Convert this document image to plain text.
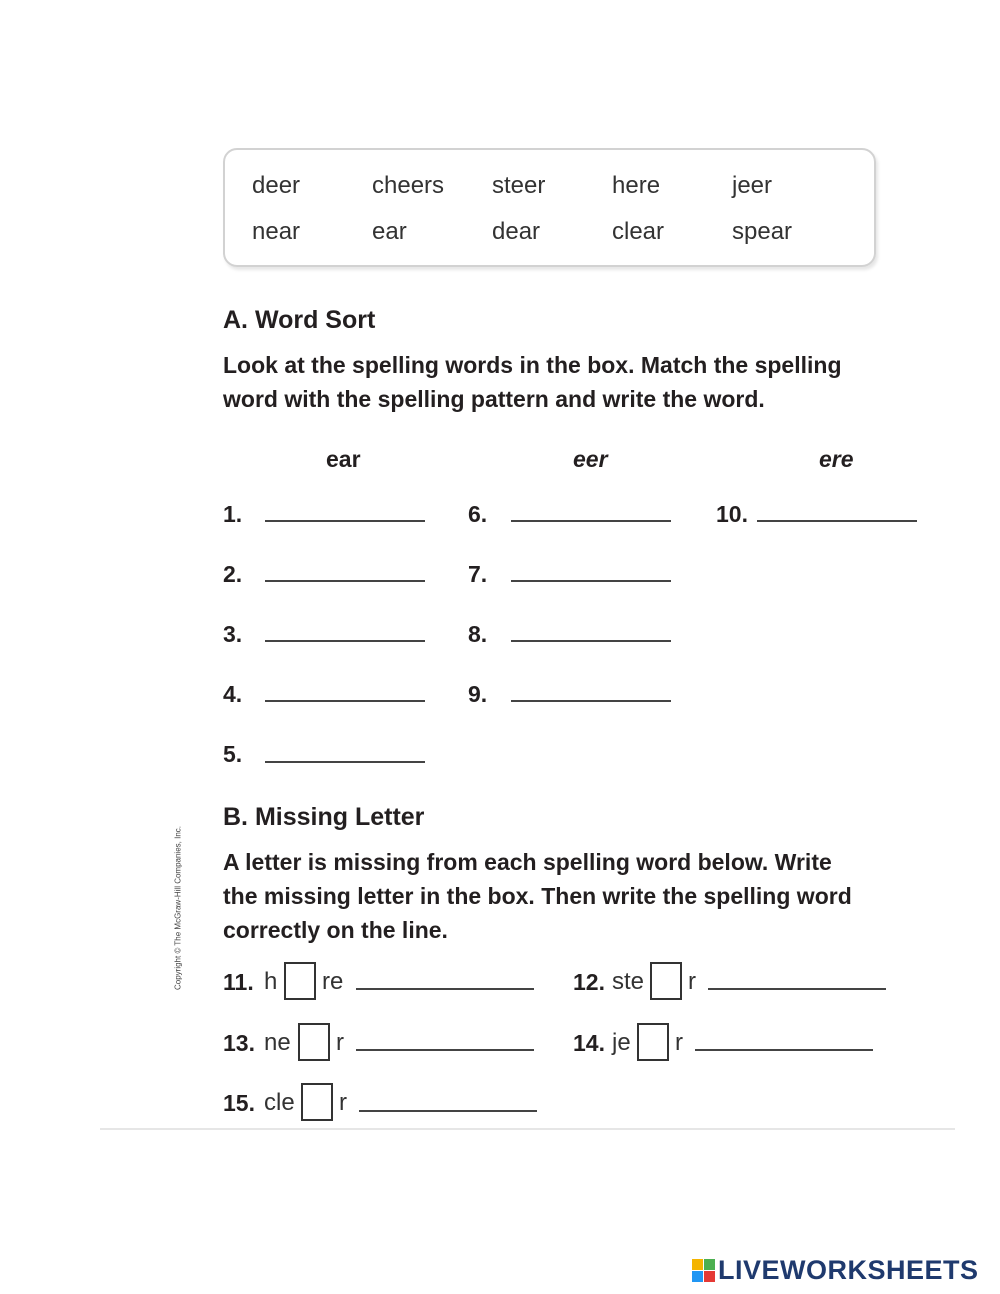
deer	cheers steer	here	jeer
near	ear	dear	clear	spear
A. Word Sort
Look at the spelling words in the box. Match the spelling
word with the spelling pattern and write the word.
ear	eer	ere
1.
2.
3.
4.
5.
6.
7.
8.
9.
10.
B. Missing Letter
A letter is missing from each spelling word below. Write
the missing letter in the box. Then write the spelling word
correctly on the line.
11. h re	12. ste r
13. ne r	14. je r
15. cle r
Copyright © The McGraw-Hill Companies, Inc.
LIVEWORKSHEETS
